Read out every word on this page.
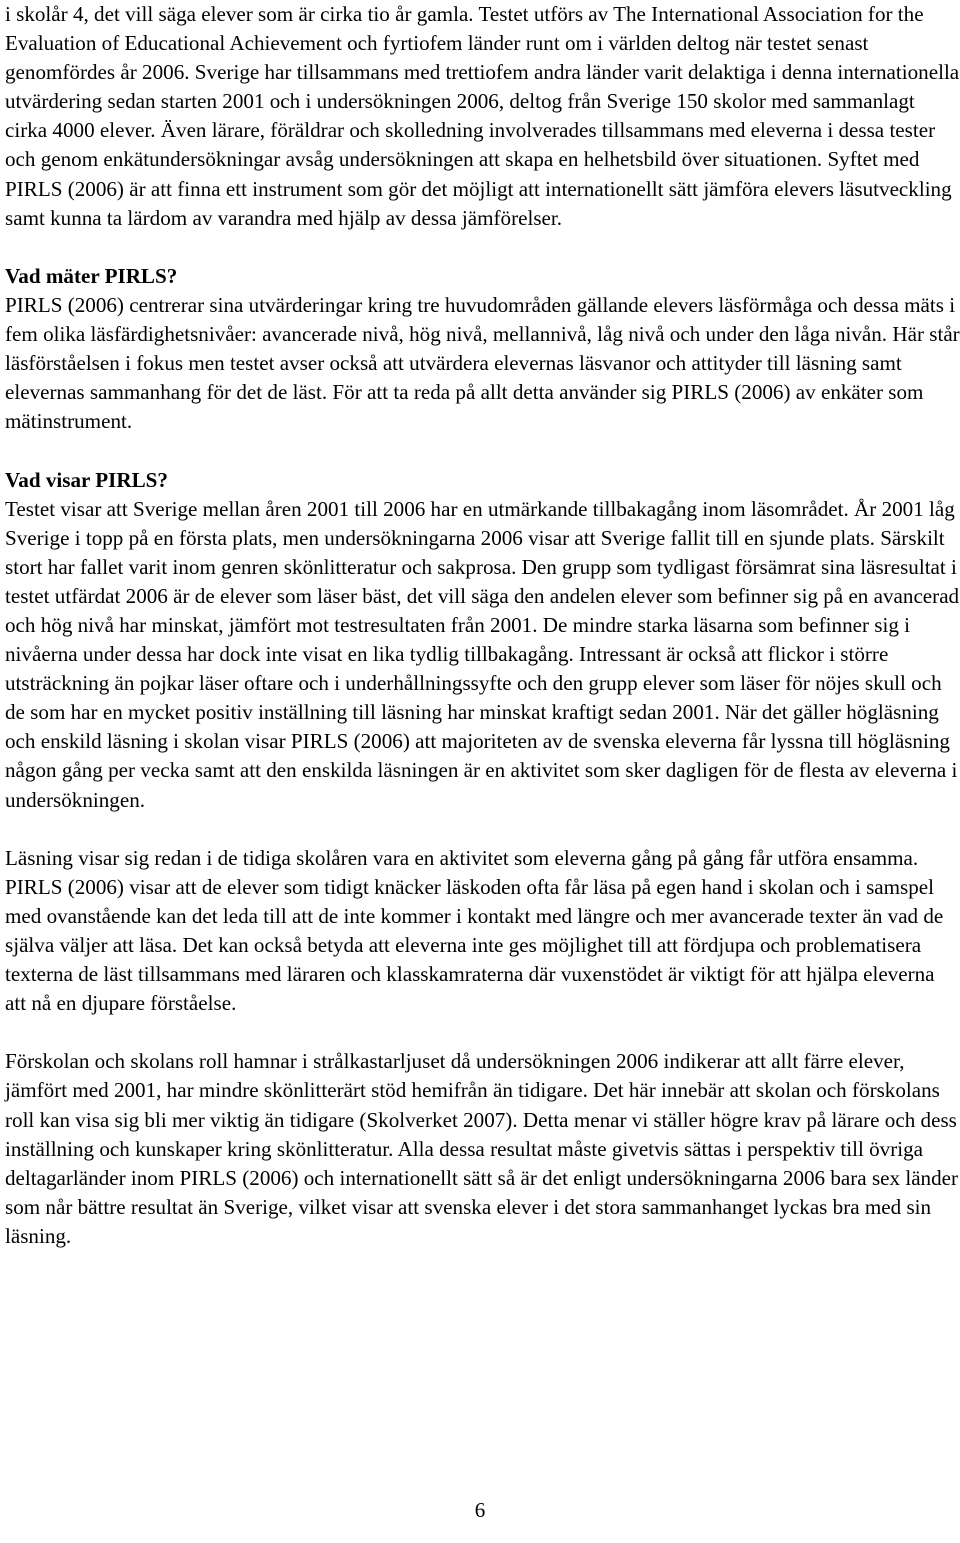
i skolår 4, det vill säga elever som är cirka tio år gamla. Testet utförs av The International Association for the Evaluation of Educational Achievement och fyrtiofem länder runt om i världen deltog när testet senast genomfördes år 2006. Sverige har tillsammans med trettiofem andra länder varit delaktiga i denna internationella utvärdering sedan starten 2001 och i undersökningen 2006, deltog från Sverige 150 skolor med sammanlagt cirka 4000 elever. Även lärare, föräldrar och skolledning involverades tillsammans med eleverna i dessa tester och genom enkätundersökningar avsåg undersökningen att skapa en helhetsbild över situationen. Syftet med PIRLS (2006) är att finna ett instrument som gör det möjligt att internationellt sätt jämföra elevers läsutveckling samt kunna ta lärdom av varandra med hjälp av dessa jämförelser.

Vad mäter PIRLS?

PIRLS (2006) centrerar sina utvärderingar kring tre huvudområden gällande elevers läsförmåga och dessa mäts i fem olika läsfärdighetsnivåer: avancerade nivå, hög nivå, mellannivå, låg nivå och under den låga nivån. Här står läsförståelsen i fokus men testet avser också att utvärdera elevernas läsvanor och attityder till läsning samt elevernas sammanhang för det de läst. För att ta reda på allt detta använder sig PIRLS (2006) av enkäter som mätinstrument.

Vad visar PIRLS?

Testet visar att Sverige mellan åren 2001 till 2006 har en utmärkande tillbakagång inom läsområdet. År 2001 låg Sverige i topp på en första plats, men undersökningarna 2006 visar att Sverige fallit till en sjunde plats. Särskilt stort har fallet varit inom genren skönlitteratur och sakprosa. Den grupp som tydligast försämrat sina läsresultat i testet utfärdat 2006 är de elever som läser bäst, det vill säga den andelen elever som befinner sig på en avancerad och hög nivå har minskat, jämfört mot testresultaten från 2001. De mindre starka läsarna som befinner sig i nivåerna under dessa har dock inte visat en lika tydlig tillbakagång. Intressant är också att flickor i större utsträckning än pojkar läser oftare och i underhållningssyfte och den grupp elever som läser för nöjes skull och de som har en mycket positiv inställning till läsning har minskat kraftigt sedan 2001. När det gäller högläsning och enskild läsning i skolan visar PIRLS (2006) att majoriteten av de svenska eleverna får lyssna till högläsning någon gång per vecka samt att den enskilda läsningen är en aktivitet som sker dagligen för de flesta av eleverna i undersökningen.

Läsning visar sig redan i de tidiga skolåren vara en aktivitet som eleverna gång på gång får utföra ensamma. PIRLS (2006) visar att de elever som tidigt knäcker läskoden ofta får läsa på egen hand i skolan och i samspel med ovanstående kan det leda till att de inte kommer i kontakt med längre och mer avancerade texter än vad de själva väljer att läsa. Det kan också betyda att eleverna inte ges möjlighet till att fördjupa och problematisera texterna de läst tillsammans med läraren och klasskamraterna där vuxenstödet är viktigt för att hjälpa eleverna att nå en djupare förståelse.

Förskolan och skolans roll hamnar i strålkastarljuset då undersökningen 2006 indikerar att allt färre elever, jämfört med 2001, har mindre skönlitterärt stöd hemifrån än tidigare. Det här innebär att skolan och förskolans roll kan visa sig bli mer viktig än tidigare (Skolverket 2007). Detta menar vi ställer högre krav på lärare och dess inställning och kunskaper kring skönlitteratur. Alla dessa resultat måste givetvis sättas i perspektiv till övriga deltagarländer inom PIRLS (2006) och internationellt sätt så är det enligt undersökningarna 2006 bara sex länder som når bättre resultat än Sverige, vilket visar att svenska elever i det stora sammanhanget lyckas bra med sin läsning.

6
